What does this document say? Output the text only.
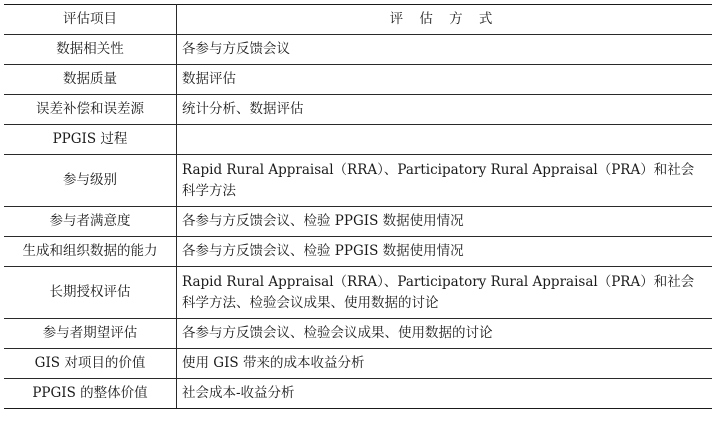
评估项目	评 估 方 式
数据相关性	各参与方反馈会议
数据质量	数据评估
误差补偿和误差源	统计分析、数据评估
PPGIS 过程	
参与级别	Rapid Rural Appraisal（RRA）、Participatory Rural Appraisal（PRA）和社会科学方法
参与者满意度	各参与方反馈会议、检验 PPGIS 数据使用情况
生成和组织数据的能力	各参与方反馈会议、检验 PPGIS 数据使用情况
长期授权评估	Rapid Rural Appraisal（RRA）、Participatory Rural Appraisal（PRA）和社会科学方法、检验会议成果、使用数据的讨论
参与者期望评估	各参与方反馈会议、检验会议成果、使用数据的讨论
GIS 对项目的价值	使用 GIS 带来的成本收益分析
PPGIS 的整体价值	社会成本-收益分析
